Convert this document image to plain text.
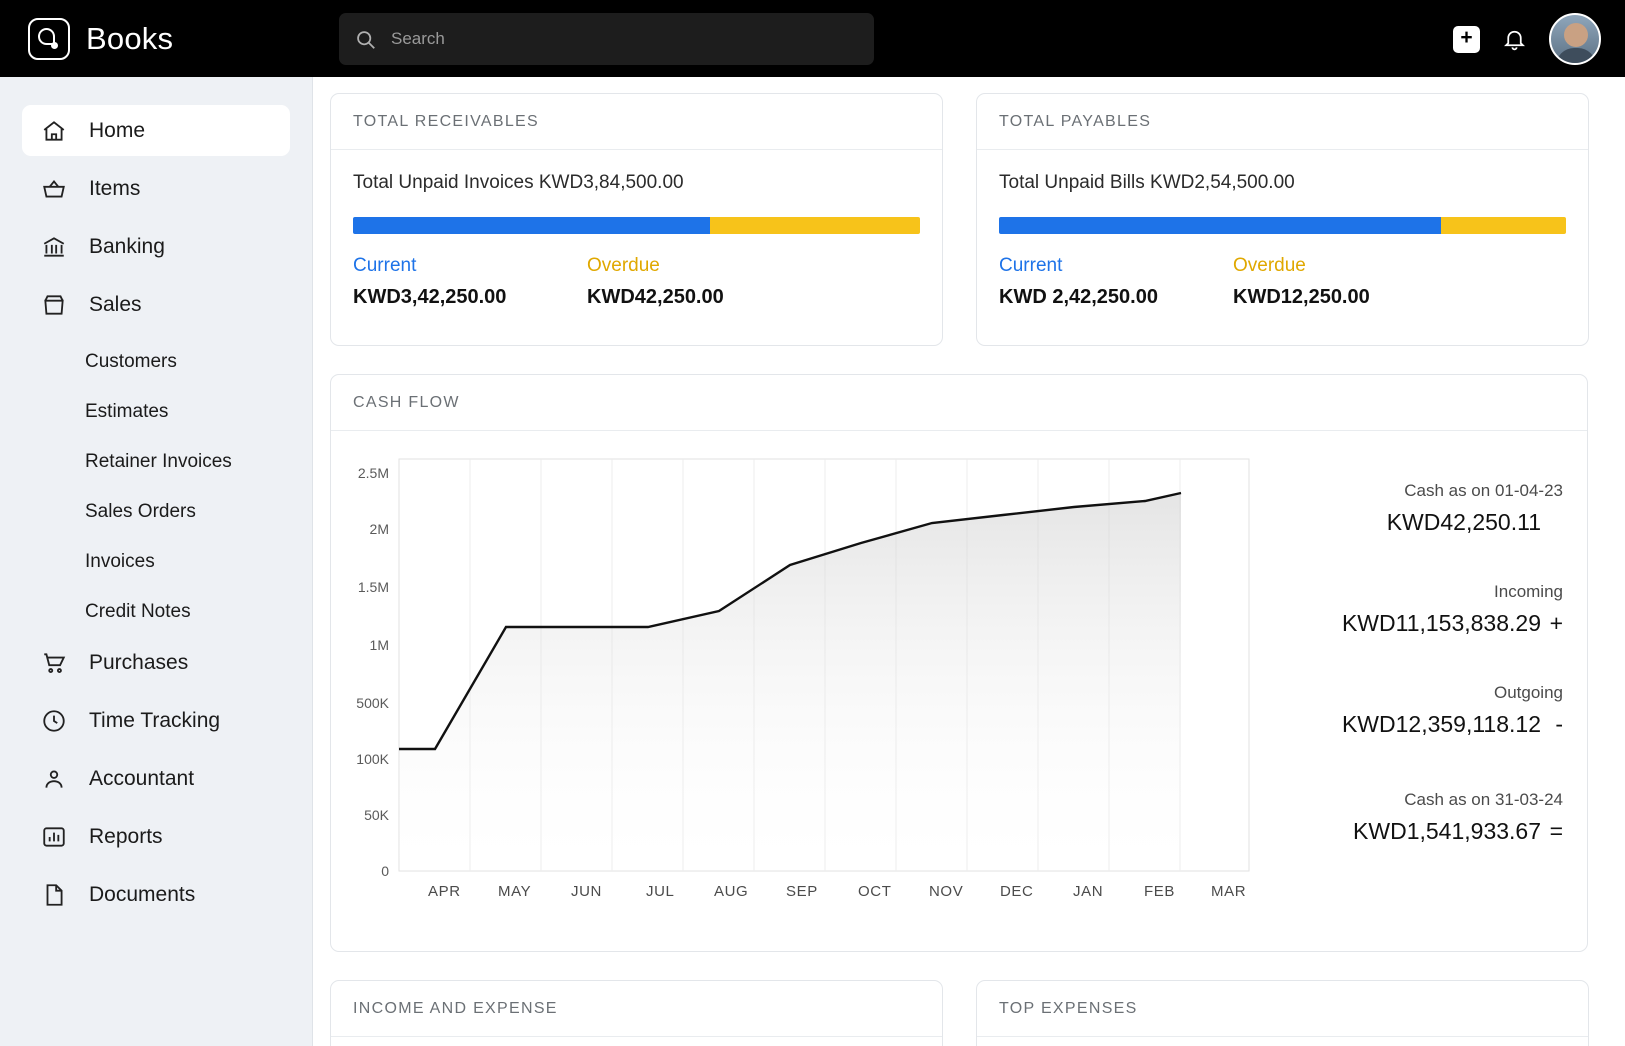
Books
Search	+
Home
Items
Banking
Sales
Customers
Estimates
Retainer Invoices
Sales Orders
Invoices
Credit Notes
Purchases
Time Tracking
Accountant
Reports
Documents
TOTAL RECEIVABLES
Total Unpaid Invoices KWD3,84,500.00
Current
KWD3,42,250.00
Overdue
KWD42,250.00
TOTAL PAYABLES
Total Unpaid Bills KWD2,54,500.00
Current
KWD 2,42,250.00
Overdue
KWD12,250.00
CASH FLOW
2.5M
2M
1.5M
1M
500K
100K
50K
0
APR MAY	JUN	JUL	AUG	SEP	OCT	NOV DEC	JAN	FEB MAR
Cash as on 01-04-23
KWD42,250.11
Incoming
KWD11,153,838.29 +
Outgoing
KWD12,359,118.12 -
Cash as on 31-03-24
KWD1,541,933.67 =
INCOME AND EXPENSE	TOP EXPENSES
